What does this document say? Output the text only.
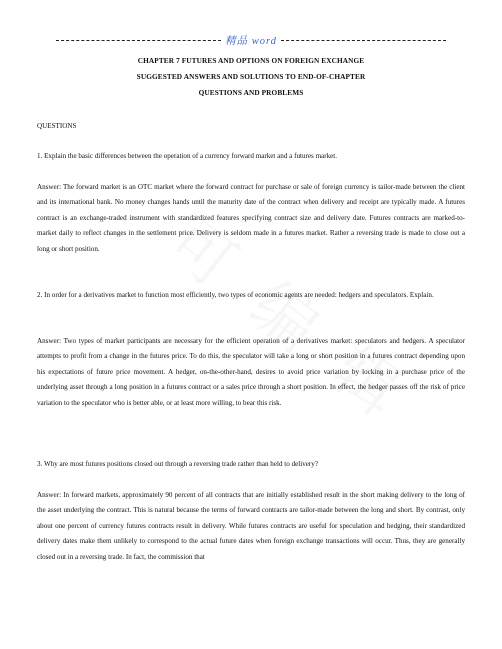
精品 word
CHAPTER 7 FUTURES AND OPTIONS ON FOREIGN EXCHANGE
SUGGESTED ANSWERS AND SOLUTIONS TO END-OF-CHAPTER
QUESTIONS AND PROBLEMS
QUESTIONS
1. Explain the basic differences between the operation of a currency forward market and a futures market.
Answer: The forward market is an OTC market where the forward contract for purchase or sale of foreign currency is tailor-made between the client and its international bank. No money changes hands until the maturity date of the contract when delivery and receipt are typically made. A futures contract is an exchange-traded instrument with standardized features specifying contract size and delivery date. Futures contracts are marked-to-market daily to reflect changes in the settlement price. Delivery is seldom made in a futures market. Rather a reversing trade is made to close out a long or short position.
2. In order for a derivatives market to function most efficiently, two types of economic agents are needed: hedgers and speculators. Explain.
Answer: Two types of market participants are necessary for the efficient operation of a derivatives market: speculators and hedgers. A speculator attempts to profit from a change in the futures price. To do this, the speculator will take a long or short position in a futures contract depending upon his expectations of future price movement. A hedger, on-the-other-hand, desires to avoid price variation by locking in a purchase price of the underlying asset through a long position in a futures contract or a sales price through a short position. In effect, the hedger passes off the risk of price variation to the speculator who is better able, or at least more willing, to bear this risk.
3. Why are most futures positions closed out through a reversing trade rather than held to delivery?
Answer: In forward markets, approximately 90 percent of all contracts that are initially established result in the short making delivery to the long of the asset underlying the contract. This is natural because the terms of forward contracts are tailor-made between the long and short. By contrast, only about one percent of currency futures contracts result in delivery. While futures contracts are useful for speculation and hedging, their standardized delivery dates make them unlikely to correspond to the actual future dates when foreign exchange transactions will occur. Thus, they are generally closed out in a reversing trade. In fact, the commission that
